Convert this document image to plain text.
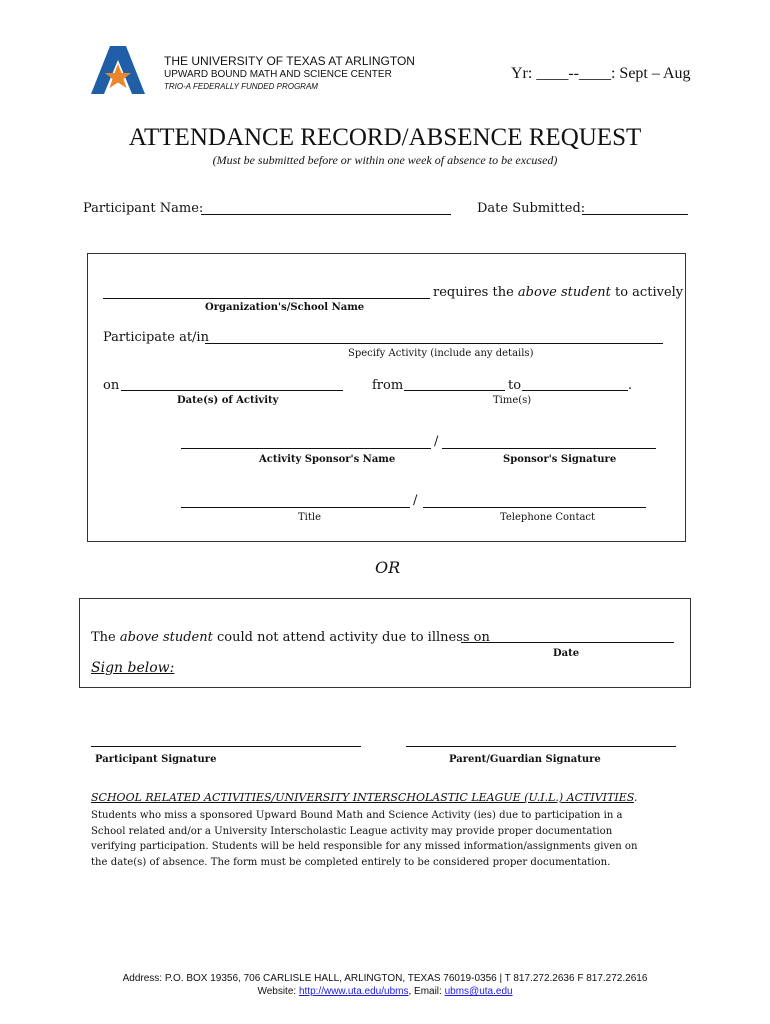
THE UNIVERSITY OF TEXAS AT ARLINGTON
UPWARD BOUND MATH AND SCIENCE CENTER
TRIO-A FEDERALLY FUNDED PROGRAM
Yr: ____--____: Sept – Aug
ATTENDANCE RECORD/ABSENCE REQUEST
(Must be submitted before or within one week of absence to be excused)
Participant Name:	Date Submitted:
requires the above student to actively
Organization's/School Name
Participate at/in
Specify Activity (include any details)
on
Date(s) of Activity
from	to	.
Time(s)
/
Activity Sponsor's Name	Sponsor's Signature
/
Title	Telephone Contact
OR
The above student could not attend activity due to illness on
Date
Sign below:
Participant Signature	Parent/Guardian Signature
SCHOOL RELATED ACTIVITIES/UNIVERSITY INTERSCHOLASTIC LEAGUE (U.I.L.) ACTIVITIES.
Students who miss a sponsored Upward Bound Math and Science Activity (ies) due to participation in a
School related and/or a University Interscholastic League activity may provide proper documentation
verifying participation. Students will be held responsible for any missed information/assignments given on
the date(s) of absence. The form must be completed entirely to be considered proper documentation.
Address: P.O. BOX 19356, 706 CARLISLE HALL, ARLINGTON, TEXAS 76019-0356 | T 817.272.2636 F 817.272.2616
Website: http://www.uta.edu/ubms, Email: ubms@uta.edu
